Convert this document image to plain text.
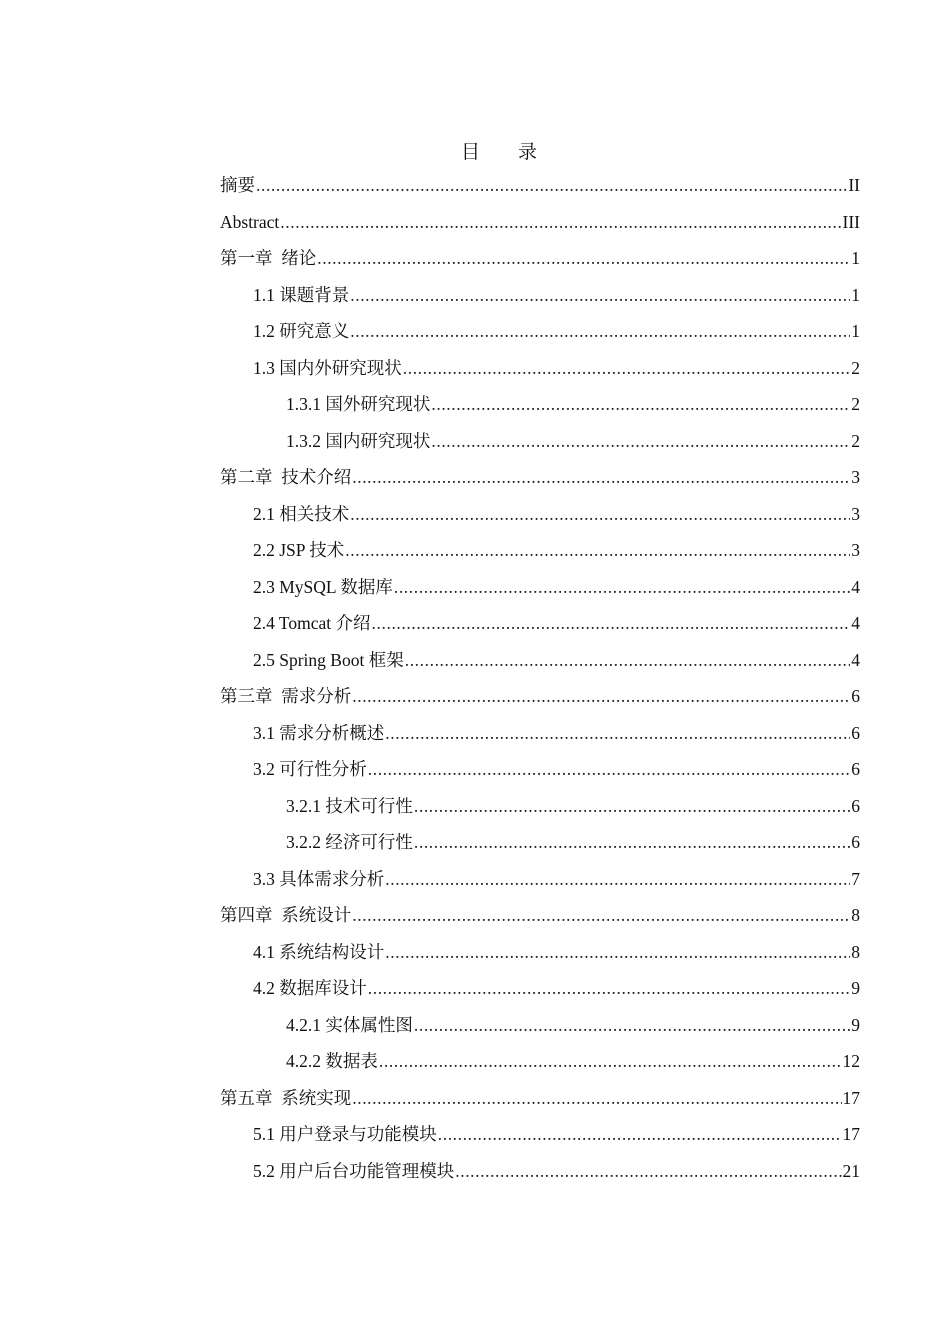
目　　录
摘要 .....	II
Abstract .....	III
第一章  绪论 .....	1
1.1 课题背景 .....	1
1.2 研究意义 .....	1
1.3 国内外研究现状 .....	2
1.3.1 国外研究现状 .....	2
1.3.2 国内研究现状 .....	2
第二章  技术介绍 .....	3
2.1 相关技术 .....	3
2.2 JSP 技术 .....	3
2.3 MySQL 数据库 .....	4
2.4 Tomcat 介绍 .....	4
2.5 Spring Boot 框架 .....	4
第三章  需求分析 .....	6
3.1 需求分析概述 .....	6
3.2 可行性分析 .....	6
3.2.1 技术可行性 .....	6
3.2.2 经济可行性 .....	6
3.3 具体需求分析 .....	7
第四章  系统设计 .....	8
4.1 系统结构设计 .....	8
4.2 数据库设计 .....	9
4.2.1 实体属性图 .....	9
4.2.2 数据表 .....	12
第五章  系统实现 .....	17
5.1 用户登录与功能模块 .....	17
5.2 用户后台功能管理模块 .....	21
